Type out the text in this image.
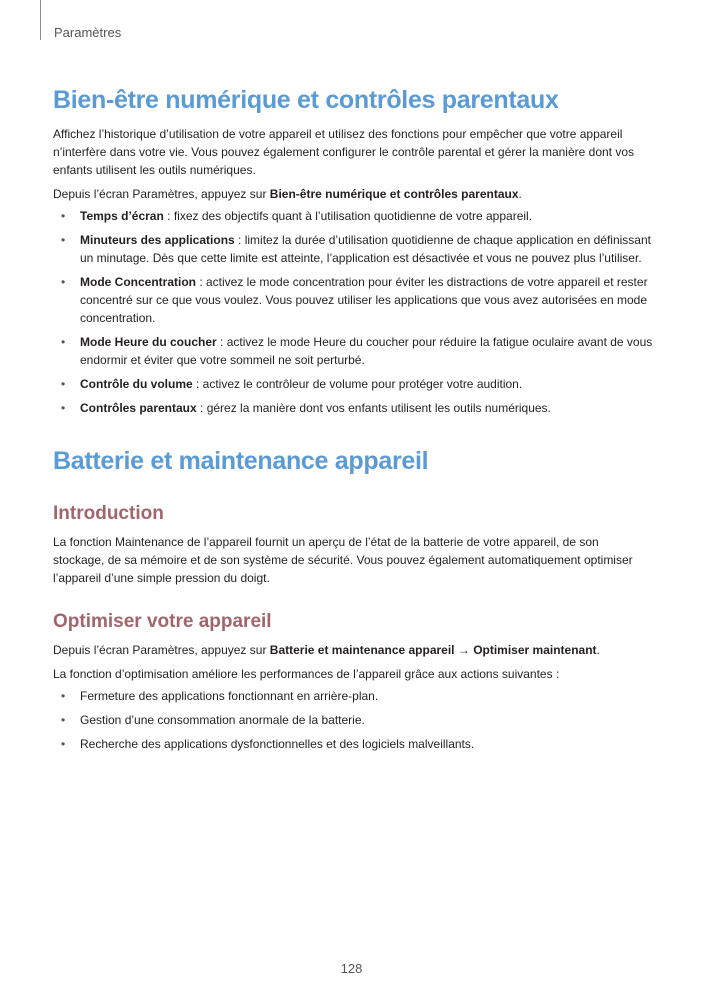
Paramètres
Bien-être numérique et contrôles parentaux

Affichez l’historique d’utilisation de votre appareil et utilisez des fonctions pour empêcher que votre appareil n’interfère dans votre vie. Vous pouvez également configurer le contrôle parental et gérer la manière dont vos enfants utilisent les outils numériques.

Depuis l’écran Paramètres, appuyez sur Bien-être numérique et contrôles parentaux.

• Temps d’écran : fixez des objectifs quant à l’utilisation quotidienne de votre appareil.
• Minuteurs des applications : limitez la durée d’utilisation quotidienne de chaque application en définissant un minutage. Dès que cette limite est atteinte, l’application est désactivée et vous ne pouvez plus l’utiliser.
• Mode Concentration : activez le mode concentration pour éviter les distractions de votre appareil et rester concentré sur ce que vous voulez. Vous pouvez utiliser les applications que vous avez autorisées en mode concentration.
• Mode Heure du coucher : activez le mode Heure du coucher pour réduire la fatigue oculaire avant de vous endormir et éviter que votre sommeil ne soit perturbé.
• Contrôle du volume : activez le contrôleur de volume pour protéger votre audition.
• Contrôles parentaux : gérez la manière dont vos enfants utilisent les outils numériques.
Batterie et maintenance appareil
Introduction

La fonction Maintenance de l’appareil fournit un aperçu de l’état de la batterie de votre appareil, de son stockage, de sa mémoire et de son système de sécurité. Vous pouvez également automatiquement optimiser l’appareil d’une simple pression du doigt.

Optimiser votre appareil

Depuis l’écran Paramètres, appuyez sur Batterie et maintenance appareil → Optimiser maintenant.

La fonction d’optimisation améliore les performances de l’appareil grâce aux actions suivantes :

• Fermeture des applications fonctionnant en arrière-plan.
• Gestion d’une consommation anormale de la batterie.
• Recherche des applications dysfonctionnelles et des logiciels malveillants.
128
